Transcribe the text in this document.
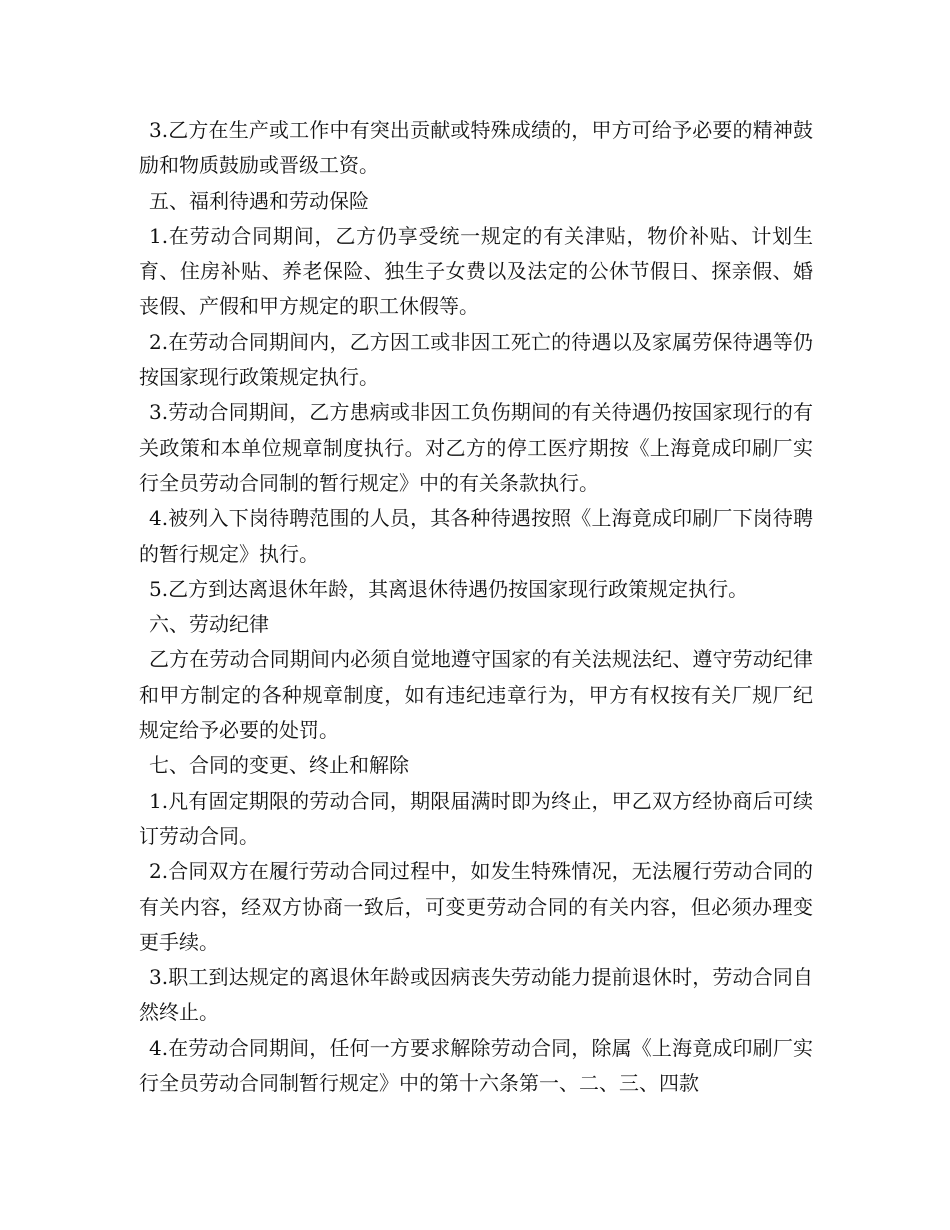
3.乙方在生产或工作中有突出贡献或特殊成绩的，甲方可给予必要的精神鼓励和物质鼓励或晋级工资。

五、福利待遇和劳动保险

1.在劳动合同期间，乙方仍享受统一规定的有关津贴，物价补贴、计划生育、住房补贴、养老保险、独生子女费以及法定的公休节假日、探亲假、婚丧假、产假和甲方规定的职工休假等。

2.在劳动合同期间内，乙方因工或非因工死亡的待遇以及家属劳保待遇等仍按国家现行政策规定执行。

3.劳动合同期间，乙方患病或非因工负伤期间的有关待遇仍按国家现行的有关政策和本单位规章制度执行。对乙方的停工医疗期按《上海竟成印刷厂实行全员劳动合同制的暂行规定》中的有关条款执行。

4.被列入下岗待聘范围的人员，其各种待遇按照《上海竟成印刷厂下岗待聘的暂行规定》执行。

5.乙方到达离退休年龄，其离退休待遇仍按国家现行政策规定执行。

六、劳动纪律

乙方在劳动合同期间内必须自觉地遵守国家的有关法规法纪、遵守劳动纪律和甲方制定的各种规章制度，如有违纪违章行为，甲方有权按有关厂规厂纪规定给予必要的处罚。

七、合同的变更、终止和解除

1.凡有固定期限的劳动合同，期限届满时即为终止，甲乙双方经协商后可续订劳动合同。

2.合同双方在履行劳动合同过程中，如发生特殊情况，无法履行劳动合同的有关内容，经双方协商一致后，可变更劳动合同的有关内容，但必须办理变更手续。

3.职工到达规定的离退休年龄或因病丧失劳动能力提前退休时，劳动合同自然终止。

4.在劳动合同期间，任何一方要求解除劳动合同，除属《上海竟成印刷厂实行全员劳动合同制暂行规定》中的第十六条第一、二、三、四款
